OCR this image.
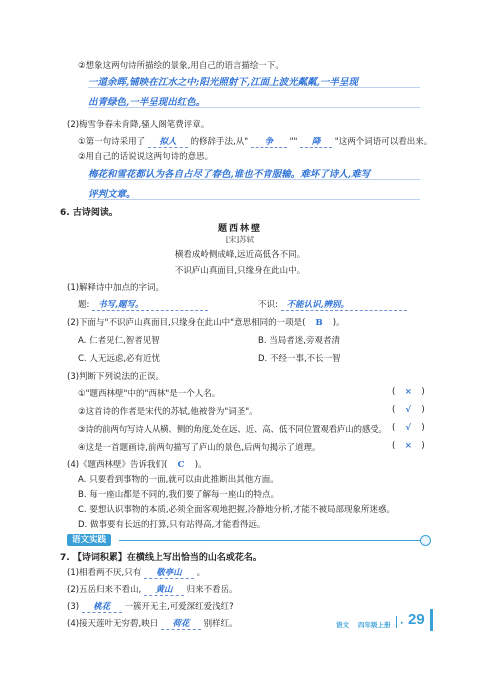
②想象这两句诗所描绘的景象,用自己的语言描绘一下。
一道余晖,铺映在江水之中;阳光照射下,江面上波光粼粼,一半呈现
出青绿色,一半呈现出红色。
(2)梅雪争春未肯降,骚人阁笔费评章。
①第一句诗采用了 拟人 的修辞手法,从" 争 "" 降 "这两个词语可以看出来。
②用自己的话说说这两句诗的意思。
梅花和雪花都认为各自占尽了春色,谁也不肯服输。难坏了诗人,难写
评判文章。
6. 古诗阅读。
题西林壁
[宋]苏轼
横看成岭侧成峰,远近高低各不同。
不识庐山真面目,只缘身在此山中。
(1)解释诗中加点的字词。
题: 书写,题写。	不识: 不能认识,辨别。
(2)下面与"不识庐山真面目,只缘身在此山中"意思相同的一项是( B )。
A. 仁者见仁,智者见智	B. 当局者迷,旁观者清
C. 人无远虑,必有近忧	D. 不经一事,不长一智
(3)判断下列说法的正误。
①"题西林壁"中的"西林"是一个人名。	( × )
②这首诗的作者是宋代的苏轼,他被誉为"词圣"。	( √ )
③诗的前两句写诗人从横、侧的角度,处在远、近、高、低不同位置观看庐山的感受。 ( √ )
④这是一首题画诗,前两句描写了庐山的景色,后两句揭示了道理。	( × )
(4)《题西林壁》告诉我们( C )。
A. 只要看到事物的一面,就可以由此推断出其他方面。
B. 每一座山都是不同的,我们要了解每一座山的特点。
C. 要想认识事物的本质,必须全面客观地把握,冷静地分析,才能不被局部现象所迷惑。
D. 做事要有长远的打算,只有站得高,才能看得远。
语文实践
7. 【诗词积累】在横线上写出恰当的山名或花名。
(1)相看两不厌,只有 敬亭山 。
(2)五岳归来不看山, 黄山 归来不看岳。
(3) 桃花 一簇开无主,可爱深红爱浅红?
(4)接天莲叶无穷碧,映日 荷花 别样红。	语文 四年级上册 ▸ 29
